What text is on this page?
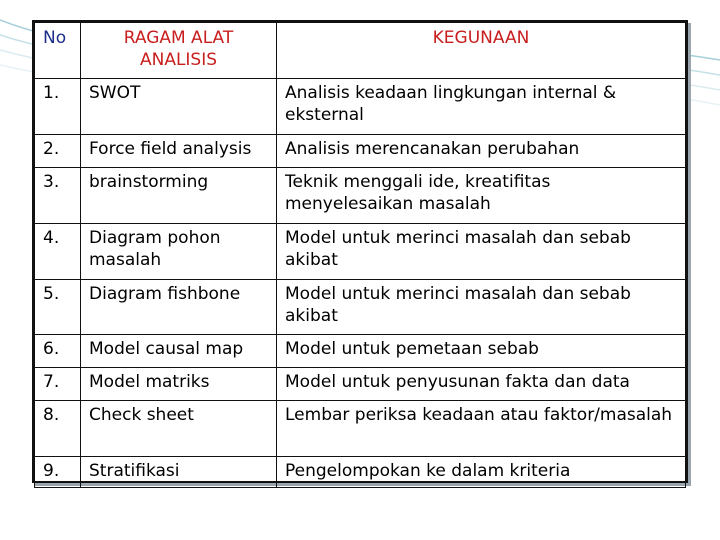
No	RAGAM ALAT ANALISIS	KEGUNAAN
1.	SWOT	Analisis keadaan lingkungan internal & eksternal
2.	Force field analysis	Analisis merencanakan perubahan
3.	brainstorming	Teknik menggali ide, kreatifitas menyelesaikan masalah
4.	Diagram pohon masalah	Model untuk merinci masalah dan sebab akibat
5.	Diagram fishbone	Model untuk merinci masalah dan sebab akibat
6.	Model causal map	Model untuk pemetaan sebab
7.	Model matriks	Model untuk penyusunan fakta dan data
8.	Check sheet	Lembar periksa keadaan atau faktor/masalah
9.	Stratifikasi	Pengelompokan ke dalam kriteria
